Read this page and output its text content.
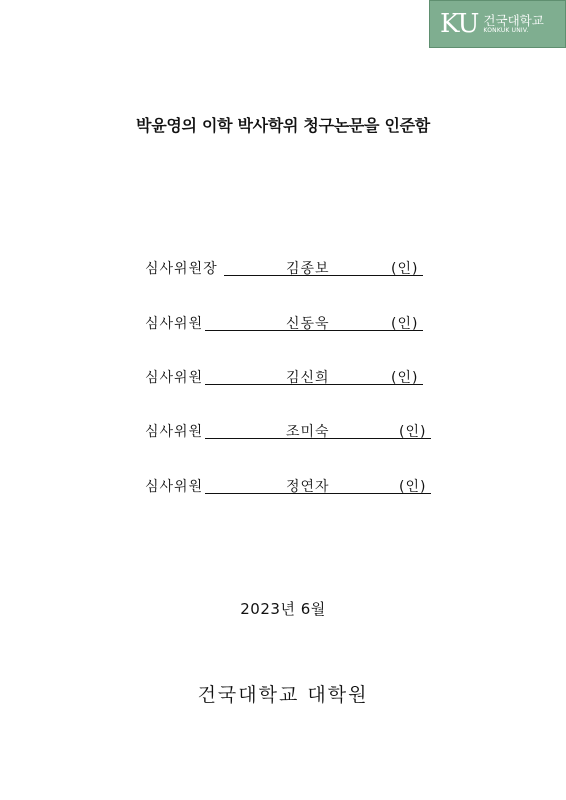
KU 건국대학교
KONKUK UNIV.
박윤영의 이학 박사학위 청구논문을 인준함
심사위원장	김종보	(인)
심사위원	신동욱	(인)
심사위원	김신희	(인)
심사위원	조미숙	(인)
심사위원	정연자	(인)
2023년 6월
건국대학교 대학원
